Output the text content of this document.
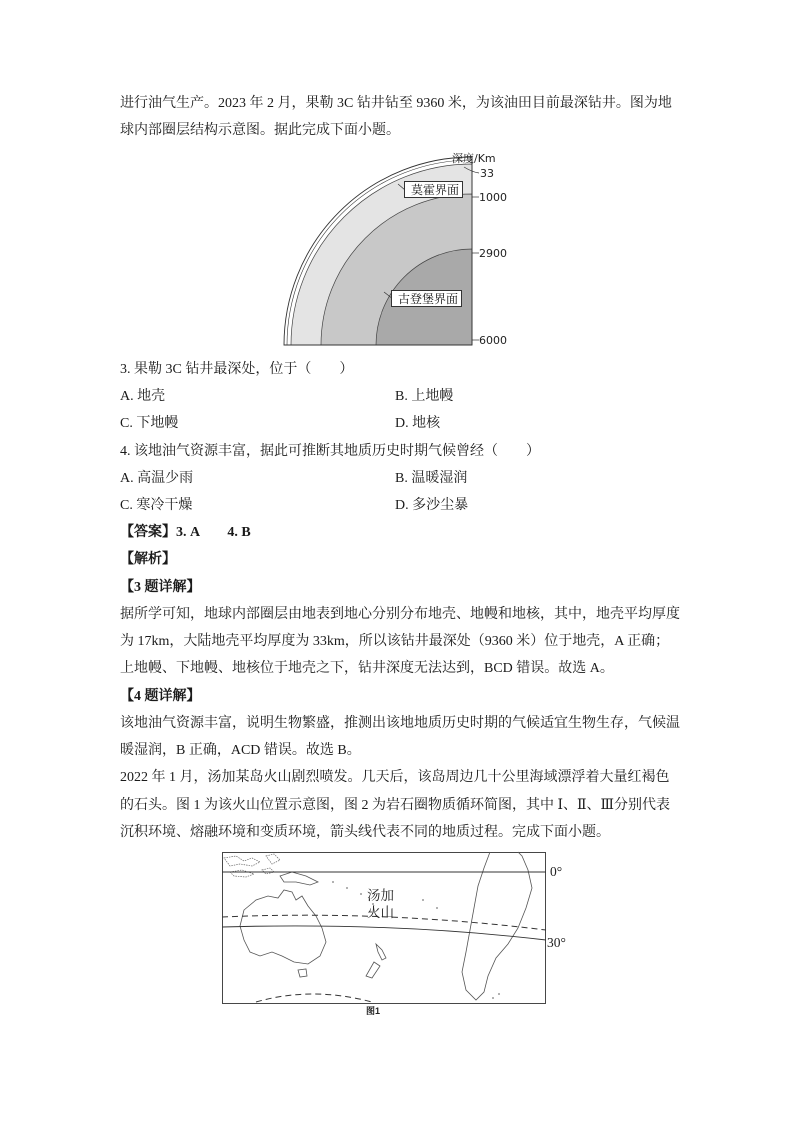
进行油气生产。2023 年 2 月，果勒 3C 钻井钻至 9360 米，为该油田目前最深钻井。图为地
球内部圈层结构示意图。据此完成下面小题。
深度/Km
33
莫霍界面
1000
2900
古登堡界面
6000
3. 果勒 3C 钻井最深处，位于（　　）
A. 地壳	B. 上地幔
C. 下地幔	D. 地核
4. 该地油气资源丰富，据此可推断其地质历史时期气候曾经（　　）
A. 高温少雨	B. 温暖湿润
C. 寒冷干燥	D. 多沙尘暴
【答案】3. A　　4. B
【解析】
【3 题详解】
据所学可知，地球内部圈层由地表到地心分别分布地壳、地幔和地核，其中，地壳平均厚度
为 17km，大陆地壳平均厚度为 33km，所以该钻井最深处（9360 米）位于地壳，A 正确；
上地幔、下地幔、地核位于地壳之下，钻井深度无法达到，BCD 错误。故选 A。
【4 题详解】
该地油气资源丰富，说明生物繁盛，推测出该地地质历史时期的气候适宜生物生存，气候温
暖湿润，B 正确，ACD 错误。故选 B。
2022 年 1 月，汤加某岛火山剧烈喷发。几天后，该岛周边几十公里海域漂浮着大量红褐色
的石头。图 1 为该火山位置示意图，图 2 为岩石圈物质循环简图，其中 Ⅰ、Ⅱ、Ⅲ分别代表
沉积环境、熔融环境和变质环境，箭头线代表不同的地质过程。完成下面小题。
0°
汤加
火山
30°
图1
